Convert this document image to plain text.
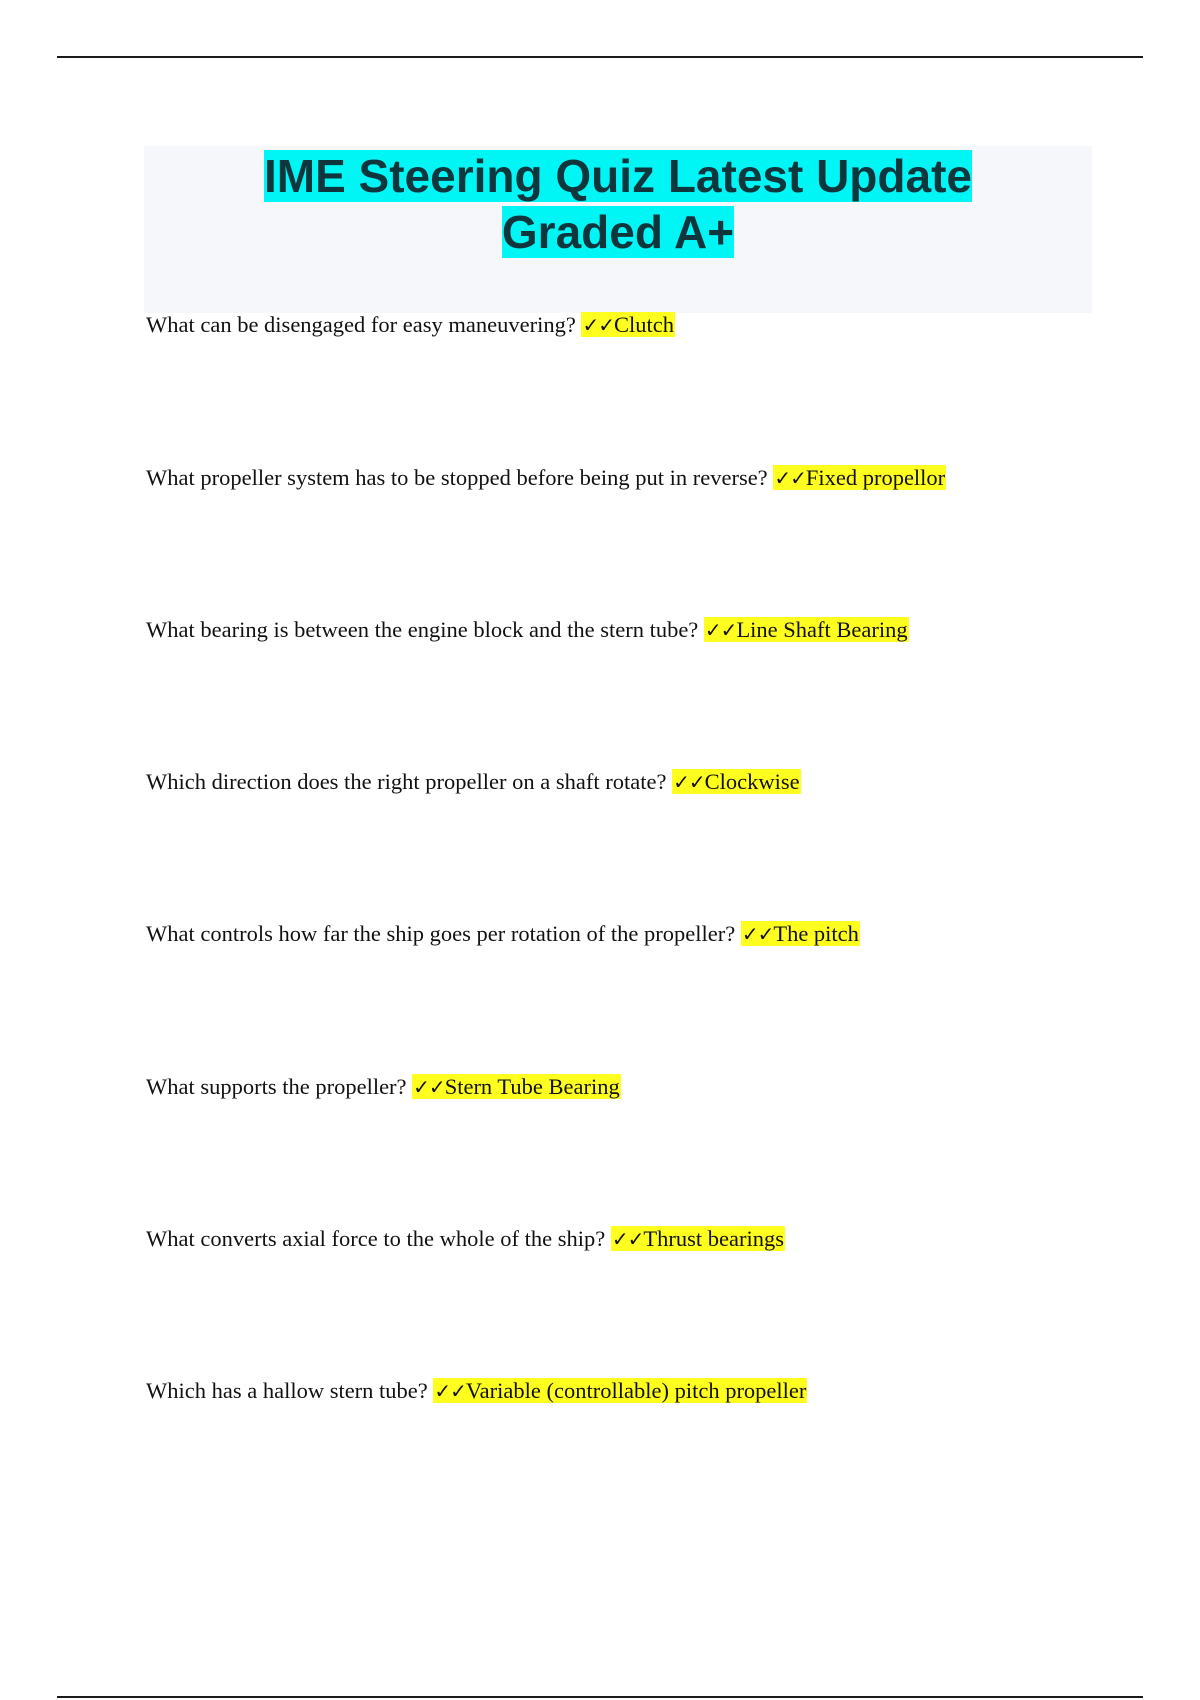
IME Steering Quiz Latest Update
Graded A+
What can be disengaged for easy maneuvering? ✓✓Clutch
What propeller system has to be stopped before being put in reverse? ✓✓Fixed propellor
What bearing is between the engine block and the stern tube? ✓✓Line Shaft Bearing
Which direction does the right propeller on a shaft rotate? ✓✓Clockwise
What controls how far the ship goes per rotation of the propeller? ✓✓The pitch
What supports the propeller? ✓✓Stern Tube Bearing
What converts axial force to the whole of the ship? ✓✓Thrust bearings
Which has a hallow stern tube? ✓✓Variable (controllable) pitch propeller
